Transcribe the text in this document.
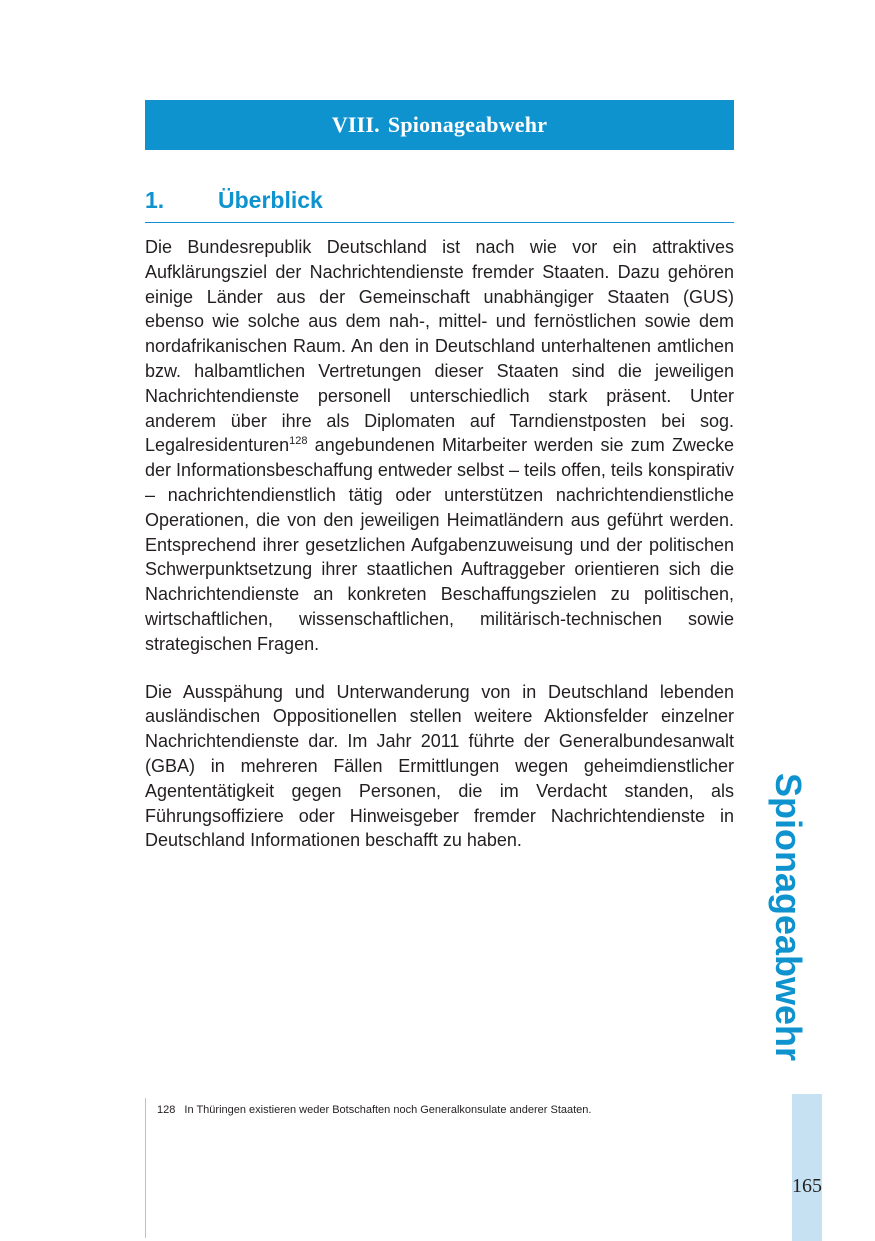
VIII. Spionageabwehr
1.	Überblick

Die Bundesrepublik Deutschland ist nach wie vor ein attraktives Aufklärungsziel der Nachrichtendienste fremder Staaten. Dazu gehören einige Länder aus der Gemeinschaft unabhängiger Staaten (GUS) ebenso wie solche aus dem nah-, mittel- und fernöstlichen sowie dem nordafrikanischen Raum. An den in Deutschland unterhaltenen amtlichen bzw. halbamtlichen Vertretungen dieser Staaten sind die jeweiligen Nachrichtendienste personell unterschiedlich stark präsent. Unter anderem über ihre als Diplomaten auf Tarndienstposten bei sog. Legalresidenturen$^{128}$ angebundenen Mitarbeiter werden sie zum Zwecke der Informationsbeschaffung entweder selbst – teils offen, teils konspirativ – nachrichtendienstlich tätig oder unterstützen nachrichtendienstliche Operationen, die von den jeweiligen Heimatländern aus geführt werden. Entsprechend ihrer gesetzlichen Aufgabenzuweisung und der politischen Schwerpunktsetzung ihrer staatlichen Auftraggeber orientieren sich die Nachrichtendienste an konkreten Beschaffungszielen zu politischen, wirtschaftlichen, wissenschaftlichen, militärisch-technischen sowie strategischen Fragen.

Die Ausspähung und Unterwanderung von in Deutschland lebenden ausländischen Oppositionellen stellen weitere Aktionsfelder einzelner Nachrichtendienste dar. Im Jahr 2011 führte der Generalbundesanwalt (GBA) in mehreren Fällen Ermittlungen wegen geheimdienstlicher Agententätigkeit gegen Personen, die im Verdacht standen, als Führungsoffiziere oder Hinweisgeber fremder Nachrichtendienste in Deutschland Informationen beschafft zu haben.	Spionageabwehr
128 In Thüringen existieren weder Botschaften noch Generalkonsulate anderer Staaten.
165
